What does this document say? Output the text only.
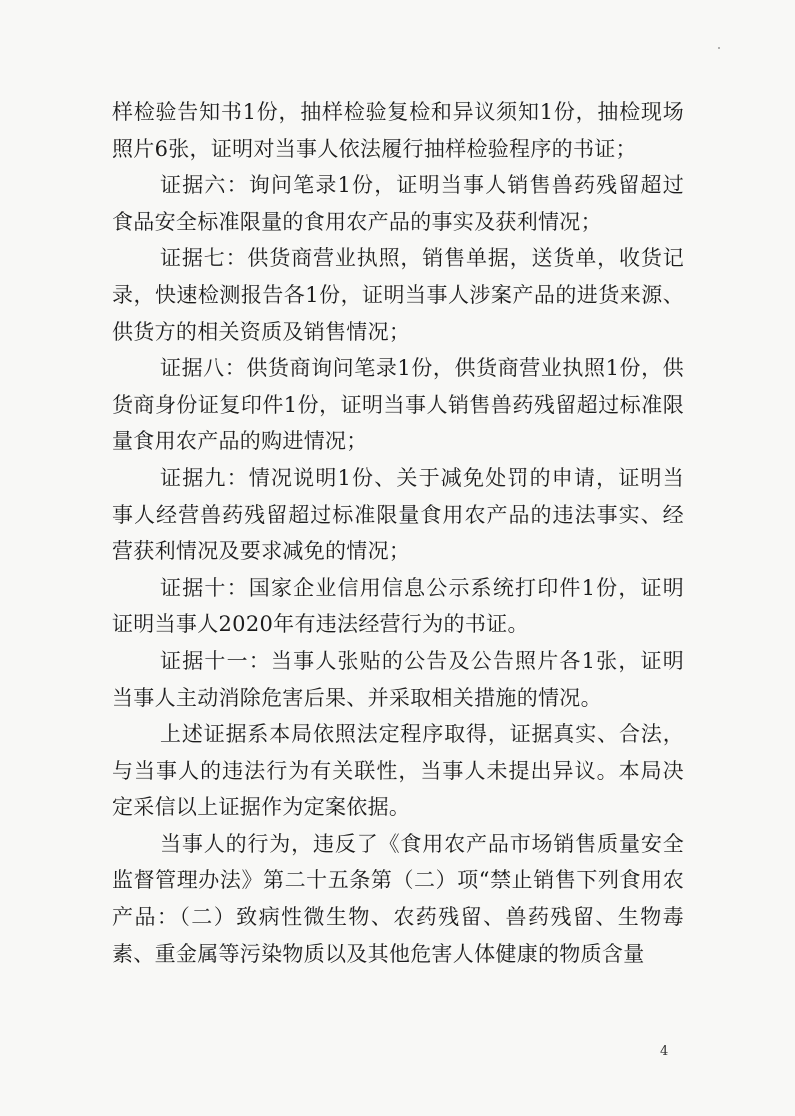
样检验告知书1份，抽样检验复检和异议须知1份，抽检现场照片6张，证明对当事人依法履行抽样检验程序的书证；

证据六：询问笔录1份，证明当事人销售兽药残留超过食品安全标准限量的食用农产品的事实及获利情况；

证据七：供货商营业执照，销售单据，送货单，收货记录，快速检测报告各1份，证明当事人涉案产品的进货来源、供货方的相关资质及销售情况；

证据八：供货商询问笔录1份，供货商营业执照1份，供货商身份证复印件1份，证明当事人销售兽药残留超过标准限量食用农产品的购进情况；

证据九：情况说明1份、关于减免处罚的申请，证明当事人经营兽药残留超过标准限量食用农产品的违法事实、经营获利情况及要求减免的情况；

证据十：国家企业信用信息公示系统打印件1份，证明证明当事人2020年有违法经营行为的书证。

证据十一：当事人张贴的公告及公告照片各1张，证明当事人主动消除危害后果、并采取相关措施的情况。

上述证据系本局依照法定程序取得，证据真实、合法，与当事人的违法行为有关联性，当事人未提出异议。本局决定采信以上证据作为定案依据。

当事人的行为，违反了《食用农产品市场销售质量安全监督管理办法》第二十五条第（二）项“禁止销售下列食用农产品：（二）致病性微生物、农药残留、兽药残留、生物毒素、重金属等污染物质以及其他危害人体健康的物质含量

4
